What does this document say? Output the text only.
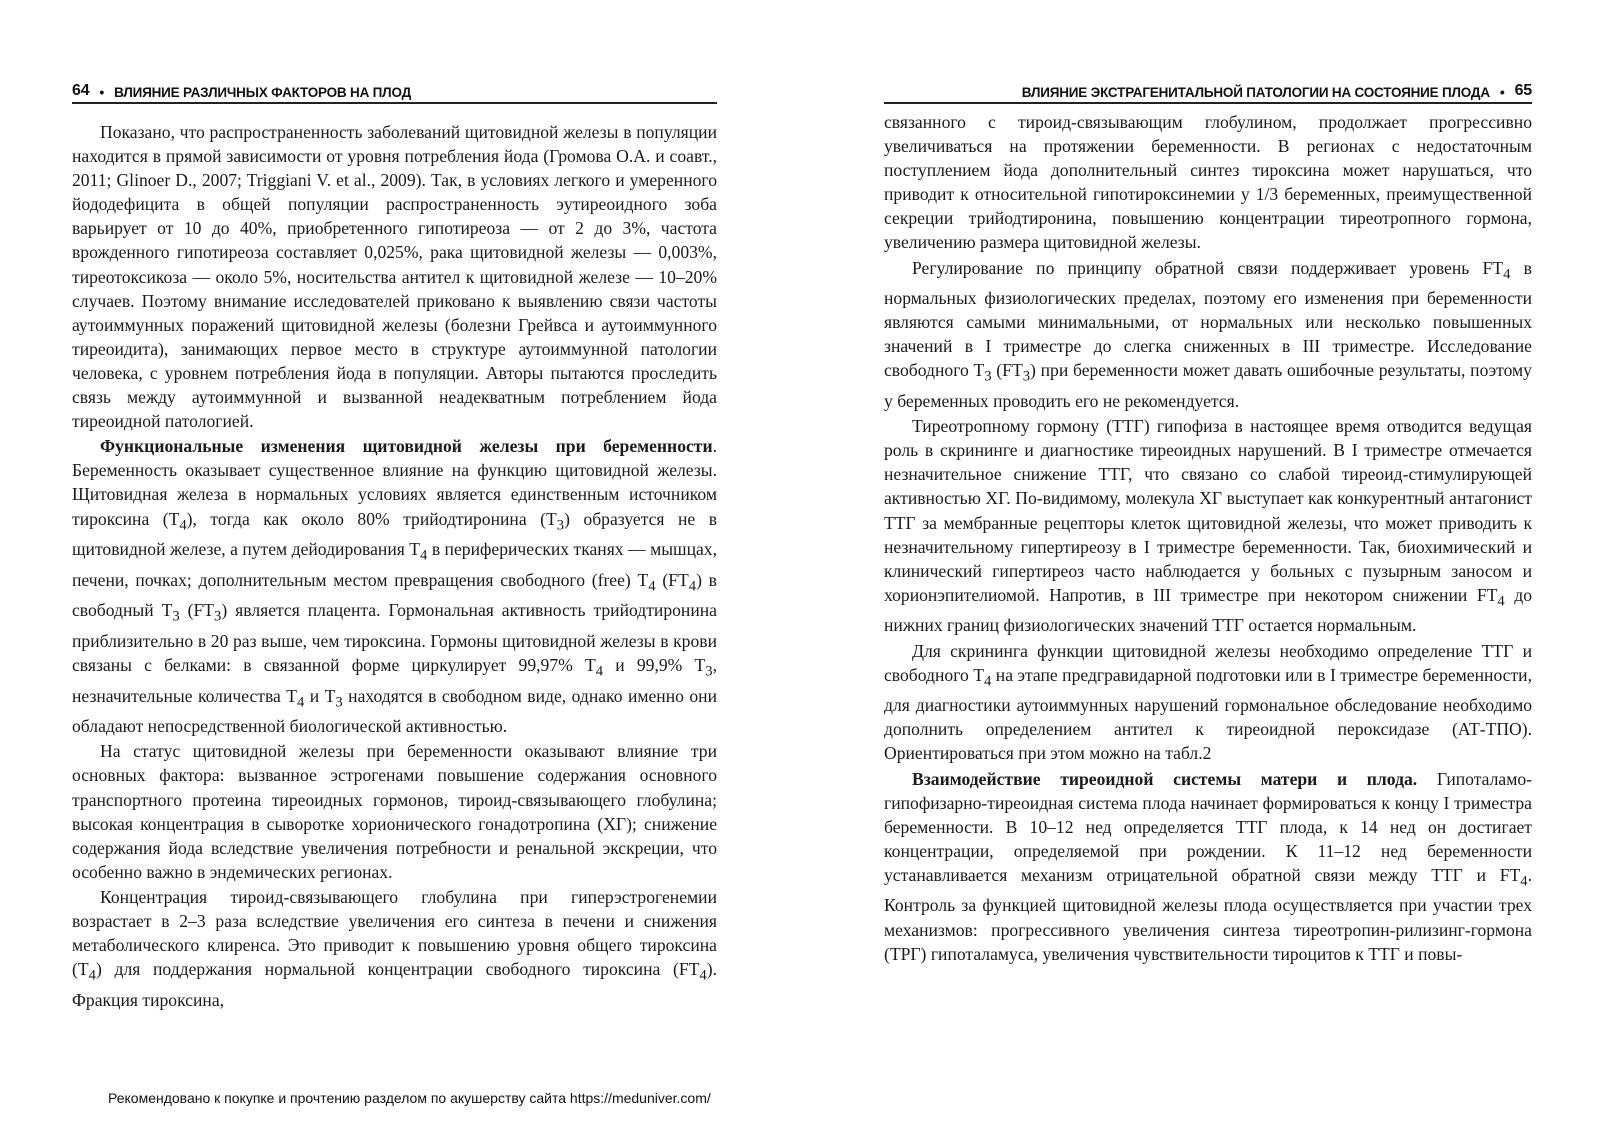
64 • ВЛИЯНИЕ РАЗЛИЧНЫХ ФАКТОРОВ НА ПЛОД

Показано, что распространенность заболеваний щитовидной железы в популяции находится в прямой зависимости от уровня потребления йода (Громова О.А. и соавт., 2011; Glinoer D., 2007; Triggiani V. et al., 2009). Так, в условиях легкого и умеренного йододефицита в общей популяции распространенность эутиреоидного зоба варьирует от 10 до 40%, приобретенного гипотиреоза — от 2 до 3%, частота врожденного гипотиреоза составляет 0,025%, рака щитовидной железы — 0,003%, тиреотоксикоза — около 5%, носительства антител к щитовидной железе — 10–20% случаев. Поэтому внимание исследователей приковано к выявлению связи частоты аутоиммунных поражений щитовидной железы (болезни Грейвса и аутоиммунного тиреоидита), занимающих первое место в структуре аутоиммунной патологии человека, с уровнем потребления йода в популяции. Авторы пытаются проследить связь между аутоиммунной и вызванной неадекватным потреблением йода тиреоидной патологией.

Функциональные изменения щитовидной железы при беременности. Беременность оказывает существенное влияние на функцию щитовидной железы. Щитовидная железа в нормальных условиях является единственным источником тироксина $(T_4)$, тогда как около 80% трийодтиронина $(T_3)$ образуется не в щитовидной железе, а путем дейодирования $T_4$ в периферических тканях — мышцах, печени, почках; дополнительным местом превращения свободного (free) $T_4$ $(FT_4)$ в свободный $T_3$ $(FT_3)$ является плацента. Гормональная активность трийодтиронина приблизительно в 20 раз выше, чем тироксина. Гормоны щитовидной железы в крови связаны с белками: в связанной форме циркулирует 99,97% $T_4$ и 99,9% $T_3$, незначительные количества $T_4$ и $T_3$ находятся в свободном виде, однако именно они обладают непосредственной биологической активностью.

На статус щитовидной железы при беременности оказывают влияние три основных фактора: вызванное эстрогенами повышение содержания основного транспортного протеина тиреоидных гормонов, тироид-связывающего глобулина; высокая концентрация в сыворотке хорионического гонадотропина (ХГ); снижение содержания йода вследствие увеличения потребности и ренальной экскреции, что особенно важно в эндемических регионах.

Концентрация тироид-связывающего глобулина при гиперэстрогенемии возрастает в 2–3 раза вследствие увеличения его синтеза в печени и снижения метаболического клиренса. Это приводит к повышению уровня общего тироксина $(T_4)$ для поддержания нормальной концентрации свободного тироксина $(FT_4)$. Фракция тироксина,

ВЛИЯНИЕ ЭКСТРАГЕНИТАЛЬНОЙ ПАТОЛОГИИ НА СОСТОЯНИЕ ПЛОДА • 65

связанного с тироид-связывающим глобулином, продолжает прогрессивно увеличиваться на протяжении беременности. В регионах с недостаточным поступлением йода дополнительный синтез тироксина может нарушаться, что приводит к относительной гипотироксинемии у 1/3 беременных, преимущественной секреции трийодтиронина, повышению концентрации тиреотропного гормона, увеличению размера щитовидной железы.

Регулирование по принципу обратной связи поддерживает уровень $FT_4$ в нормальных физиологических пределах, поэтому его изменения при беременности являются самыми минимальными, от нормальных или несколько повышенных значений в I триместре до слегка сниженных в III триместре. Исследование свободного $T_3$ $(FT_3)$ при беременности может давать ошибочные результаты, поэтому у беременных проводить его не рекомендуется.

Тиреотропному гормону (ТТГ) гипофиза в настоящее время отводится ведущая роль в скрининге и диагностике тиреоидных нарушений. В I триместре отмечается незначительное снижение ТТГ, что связано со слабой тиреоид-стимулирующей активностью ХГ. По-видимому, молекула ХГ выступает как конкурентный антагонист ТТГ за мембранные рецепторы клеток щитовидной железы, что может приводить к незначительному гипертиреозу в I триместре беременности. Так, биохимический и клинический гипертиреоз часто наблюдается у больных с пузырным заносом и хорионэпителиомой. Напротив, в III триместре при некотором снижении $FT_4$ до нижних границ физиологических значений ТТГ остается нормальным.

Для скрининга функции щитовидной железы необходимо определение ТТГ и свободного $T_4$ на этапе предгравидарной подготовки или в I триместре беременности, для диагностики аутоиммунных нарушений гормональное обследование необходимо дополнить определением антител к тиреоидной пероксидазе (АТ-ТПО). Ориентироваться при этом можно на табл.2

Взаимодействие тиреоидной системы матери и плода. Гипоталамо-гипофизарно-тиреоидная система плода начинает формироваться к концу I триместра беременности. В 10–12 нед определяется ТТГ плода, к 14 нед он достигает концентрации, определяемой при рождении. К 11–12 нед беременности устанавливается механизм отрицательной обратной связи между ТТГ и $FT_4$. Контроль за функцией щитовидной железы плода осуществляется при участии трех механизмов: прогрессивного увеличения синтеза тиреотропин-рилизинг-гормона (ТРГ) гипоталамуса, увеличения чувствительности тироцитов к ТТГ и повы-

Рекомендовано к покупке и прочтению разделом по акушерству сайта https://meduniver.com/
